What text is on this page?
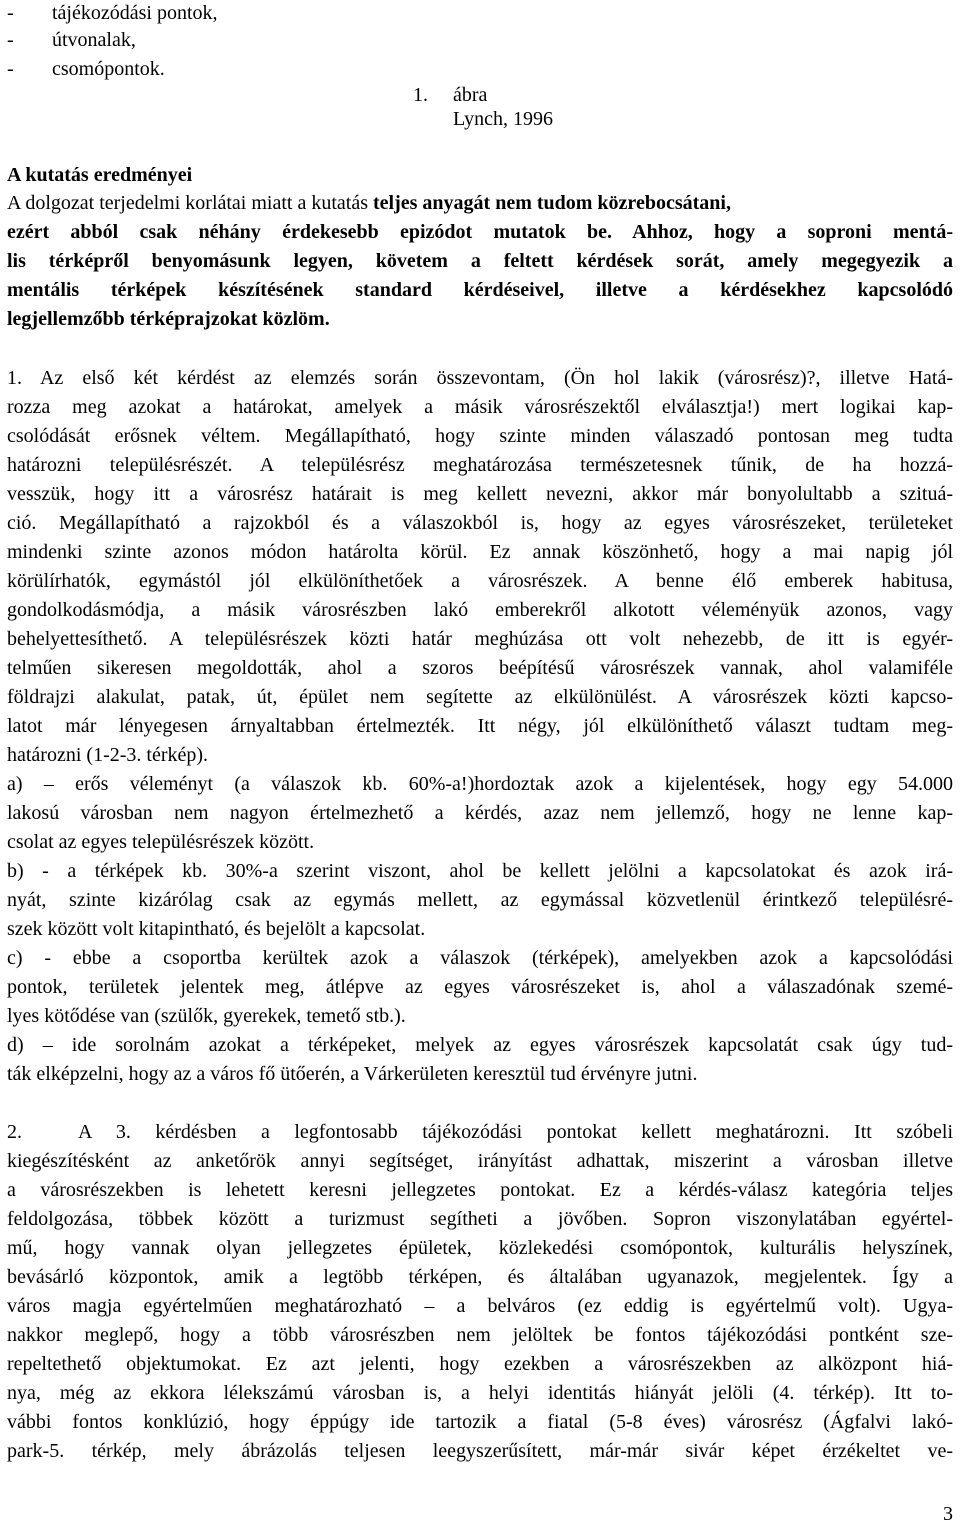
- tájékozódási pontok,
- útvonalak,
- csomópontok.
1. ábra
Lynch, 1996
A kutatás eredményei
A dolgozat terjedelmi korlátai miatt a kutatás teljes anyagát nem tudom közrebocsátani,
ezért abból csak néhány érdekesebb epizódot mutatok be. Ahhoz, hogy a soproni mentá-
lis térképről benyomásunk legyen, követem a feltett kérdések sorát, amely megegyezik a
mentális térképek készítésének standard kérdéseivel, illetve a kérdésekhez kapcsolódó
legjellemzőbb térképrajzokat közlöm.
1. Az első két kérdést az elemzés során összevontam, (Ön hol lakik (városrész)?, illetve Hatá-
rozza meg azokat a határokat, amelyek a másik városrészektől elválasztja!) mert logikai kap-
csolódását erősnek véltem. Megállapítható, hogy szinte minden válaszadó pontosan meg tudta
határozni településrészét. A településrész meghatározása természetesnek tűnik, de ha hozzá-
vesszük, hogy itt a városrész határait is meg kellett nevezni, akkor már bonyolultabb a szituá-
ció. Megállapítható a rajzokból és a válaszokból is, hogy az egyes városrészeket, területeket
mindenki szinte azonos módon határolta körül. Ez annak köszönhető, hogy a mai napig jól
körülírhatók, egymástól jól elkülöníthetőek a városrészek. A benne élő emberek habitusa,
gondolkodásmódja, a másik városrészben lakó emberekről alkotott véleményük azonos, vagy
behelyettesíthető. A településrészek közti határ meghúzása ott volt nehezebb, de itt is egyér-
telműen sikeresen megoldották, ahol a szoros beépítésű városrészek vannak, ahol valamiféle
földrajzi alakulat, patak, út, épület nem segítette az elkülönülést. A városrészek közti kapcso-
latot már lényegesen árnyaltabban értelmezték. Itt négy, jól elkülöníthető választ tudtam meg-
határozni (1-2-3. térkép).
a) – erős véleményt (a válaszok kb. 60%-a!)hordoztak azok a kijelentések, hogy egy 54.000
lakosú városban nem nagyon értelmezhető a kérdés, azaz nem jellemző, hogy ne lenne kap-
csolat az egyes településrészek között.
b) - a térképek kb. 30%-a szerint viszont, ahol be kellett jelölni a kapcsolatokat és azok irá-
nyát, szinte kizárólag csak az egymás mellett, az egymással közvetlenül érintkező településré-
szek között volt kitapintható, és bejelölt a kapcsolat.
c) - ebbe a csoportba kerültek azok a válaszok (térképek), amelyekben azok a kapcsolódási
pontok, területek jelentek meg, átlépve az egyes városrészeket is, ahol a válaszadónak szemé-
lyes kötődése van (szülők, gyerekek, temető stb.).
d) – ide sorolnám azokat a térképeket, melyek az egyes városrészek kapcsolatát csak úgy tud-
ták elképzelni, hogy az a város fő ütőerén, a Várkerületen keresztül tud érvényre jutni.
2.	A 3. kérdésben a legfontosabb tájékozódási pontokat kellett meghatározni. Itt szóbeli
kiegészítésként az anketőrök annyi segítséget, irányítást adhattak, miszerint a városban illetve
a városrészekben is lehetett keresni jellegzetes pontokat. Ez a kérdés-válasz kategória teljes
feldolgozása, többek között a turizmust segítheti a jövőben. Sopron viszonylatában egyértel-
mű, hogy vannak olyan jellegzetes épületek, közlekedési csomópontok, kulturális helyszínek,
bevásárló központok, amik a legtöbb térképen, és általában ugyanazok, megjelentek. Így a
város magja egyértelműen meghatározható – a belváros (ez eddig is egyértelmű volt). Ugya-
nakkor meglepő, hogy a több városrészben nem jelöltek be fontos tájékozódási pontként sze-
repeltethető objektumokat. Ez azt jelenti, hogy ezekben a városrészekben az alközpont hiá-
nya, még az ekkora lélekszámú városban is, a helyi identitás hiányát jelöli (4. térkép). Itt to-
vábbi fontos konklúzió, hogy éppúgy ide tartozik a fiatal (5-8 éves) városrész (Ágfalvi lakó-
park-5. térkép, mely ábrázolás teljesen leegyszerűsített, már-már sivár képet érzékeltet ve-
3
